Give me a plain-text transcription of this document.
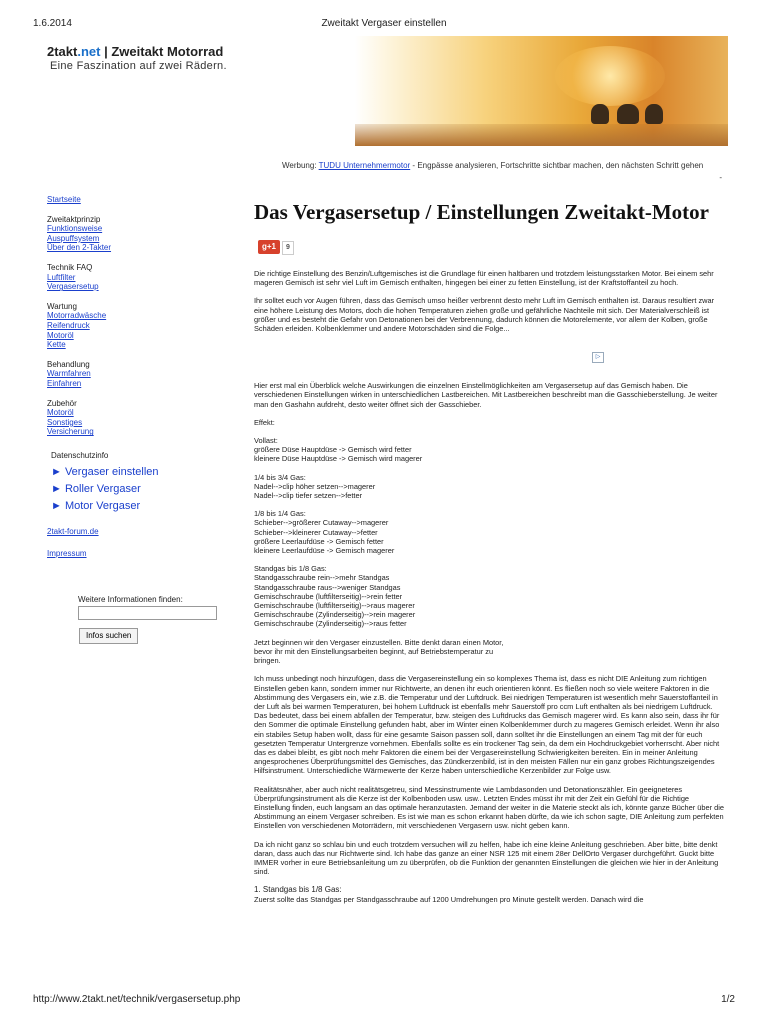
1.6.2014	Zweitakt Vergaser einstellen
2takt.net | Zweitakt Motorrad
Eine Faszination auf zwei Rädern.
Werbung: TUDU Unternehmermotor - Engpässe analysieren, Fortschritte sichtbar machen, den nächsten Schritt gehen
-
Startseite
Zweitaktprinzip
Funktionsweise
Auspuffsystem
Über den 2-Takter
Technik FAQ
Luftfilter
Vergasersetup
Wartung
Motorradwäsche
Reifendruck
Motoröl
Kette
Behandlung
Warmfahren
Einfahren
Zubehör
Motoröl
Sonstiges
Versicherung
Datenschutzinfo
► Vergaser einstellen
► Roller Vergaser
► Motor Vergaser
2takt-forum.de
Impressum
Weitere Informationen finden:
Infos suchen
Das Vergasersetup / Einstellungen Zweitakt-Motorg+1 9
▷

Die richtige Einstellung des Benzin/Luftgemisches ist die Grundlage für einen haltbaren und trotzdem leistungsstarken Motor. Bei einem sehr mageren Gemisch ist sehr viel Luft im Gemisch enthalten, hingegen bei einer zu fetten Einstellung, ist der Kraftstoffanteil zu hoch.

Ihr solltet euch vor Augen führen, dass das Gemisch umso heißer verbrennt desto mehr Luft im Gemisch enthalten ist. Daraus resultiert zwar eine höhere Leistung des Motors, doch die hohen Temperaturen ziehen große und gefährliche Nachteile mit sich. Der Materialverschleiß ist größer und es besteht die Gefahr von Detonationen bei der Verbrennung, dadurch können die Motorelemente, vor allem der Kolben, große Schäden erleiden. Kolbenklemmer und andere Motorschäden sind die Folge...

Hier erst mal ein Überblick welche Auswirkungen die einzelnen Einstellmöglichkeiten am Vergasersetup auf das Gemisch haben. Die verschiedenen Einstellungen wirken in unterschiedlichen Lastbereichen. Mit Lastbereichen beschreibt man die Gasschieberstellung. Je weiter man den Gashahn aufdreht, desto weiter öffnet sich der Gasschieber.

Effekt:

Vollast:
größere Düse Hauptdüse -> Gemisch wird fetter
kleinere Düse Hauptdüse -> Gemisch wird magerer

1/4 bis 3/4 Gas:
Nadel-->clip höher setzen-->magerer
Nadel-->clip tiefer setzen-->fetter

1/8 bis 1/4 Gas:
Schieber-->größerer Cutaway-->magerer
Schieber-->kleinerer Cutaway-->fetter
größere Leerlaufdüse -> Gemisch fetter
kleinere Leerlaufdüse -> Gemisch magerer

Standgas bis 1/8 Gas:
Standgasschraube rein-->mehr Standgas
Standgasschraube raus-->weniger Standgas
Gemischschraube (luftfilterseitig)-->rein fetter
Gemischschraube (luftfilterseitig)-->raus magerer
Gemischschraube (Zylinderseitig)-->rein magerer
Gemischschraube (Zylinderseitig)-->raus fetter

Jetzt beginnen wir den Vergaser einzustellen. Bitte denkt daran einen Motor,
bevor ihr mit den Einstellungsarbeiten beginnt, auf Betriebstemperatur zu
bringen.

Ich muss unbedingt noch hinzufügen, dass die Vergasereinstellung ein so komplexes Thema ist, dass es nicht DIE Anleitung zum richtigen Einstellen geben kann, sondern immer nur Richtwerte, an denen ihr euch orientieren könnt. Es fließen noch so viele weitere Faktoren in die Abstimmung des Vergasers ein, wie z.B. die Temperatur und der Luftdruck. Bei niedrigen Temperaturen ist wesentlich mehr Sauerstoffanteil in der Luft als bei warmen Temperaturen, bei hohem Luftdruck ist ebenfalls mehr Sauerstoff pro ccm Luft enthalten als bei niedrigem Luftdruck. Das bedeutet, dass bei einem abfallen der Temperatur, bzw. steigen des Luftdrucks das Gemisch magerer wird. Es kann also sein, dass ihr für den Sommer die optimale Einstellung gefunden habt, aber im Winter einen Kolbenklemmer durch zu mageres Gemisch erleidet. Wenn ihr also ein stabiles Setup haben wollt, dass für eine gesamte Saison passen soll, dann solltet ihr die Einstellungen an einem Tag mit der für euch gesetzten Temperatur Untergrenze vornehmen. Ebenfalls sollte es ein trockener Tag sein, da dem ein Hochdruckgebiet vorherrscht. Aber nicht das es dabei bleibt, es gibt noch mehr Faktoren die einem bei der Vergasereinstellung Schwierigkeiten bereiten. Ein in meiner Anleitung angesprochenes Überprüfungsmittel des Gemisches, das Zündkerzenbild, ist in den meisten Fällen nur ein ganz grobes Richtungszeigendes Hilfsinstrument. Unterschiedliche Wärmewerte der Kerze haben unterschiedliche Kerzenbilder zur Folge usw.

Realitätsnäher, aber auch nicht realitätsgetreu, sind Messinstrumente wie Lambdasonden und Detonationszähler. Ein geeigneteres Überprüfungsinstrument als die Kerze ist der Kolbenboden usw. usw.. Letzten Endes müsst ihr mit der Zeit ein Gefühl für die Richtige Einstellung finden, euch langsam an das optimale heranzutasten. Jemand der weiter in die Materie steckt als ich, könnte ganze Bücher über die Abstimmung an einem Vergaser schreiben. Es ist wie man es schon erkannt haben dürfte, da wie ich schon sagte, DIE Anleitung zum perfekten Einstellen von verschiedenen Motorrädern, mit verschiedenen Vergasern usw. nicht geben kann.

Da ich nicht ganz so schlau bin und euch trotzdem versuchen will zu helfen, habe ich eine kleine Anleitung geschrieben. Aber bitte, bitte denkt daran, dass auch das nur Richtwerte sind. Ich habe das ganze an einer NSR 125 mit einem 28er DellOrto Vergaser durchgeführt. Guckt bitte IMMER vorher in eure Betriebsanleitung um zu überprüfen, ob die Funktion der genannten Einstellungen die gleichen wie hier in der Anleitung sind.

1. Standgas bis 1/8 Gas:
Zuerst sollte das Standgas per Standgasschraube auf 1200 Umdrehungen pro Minute gestellt werden. Danach wird die

http://www.2takt.net/technik/vergasersetup.php	1/2
